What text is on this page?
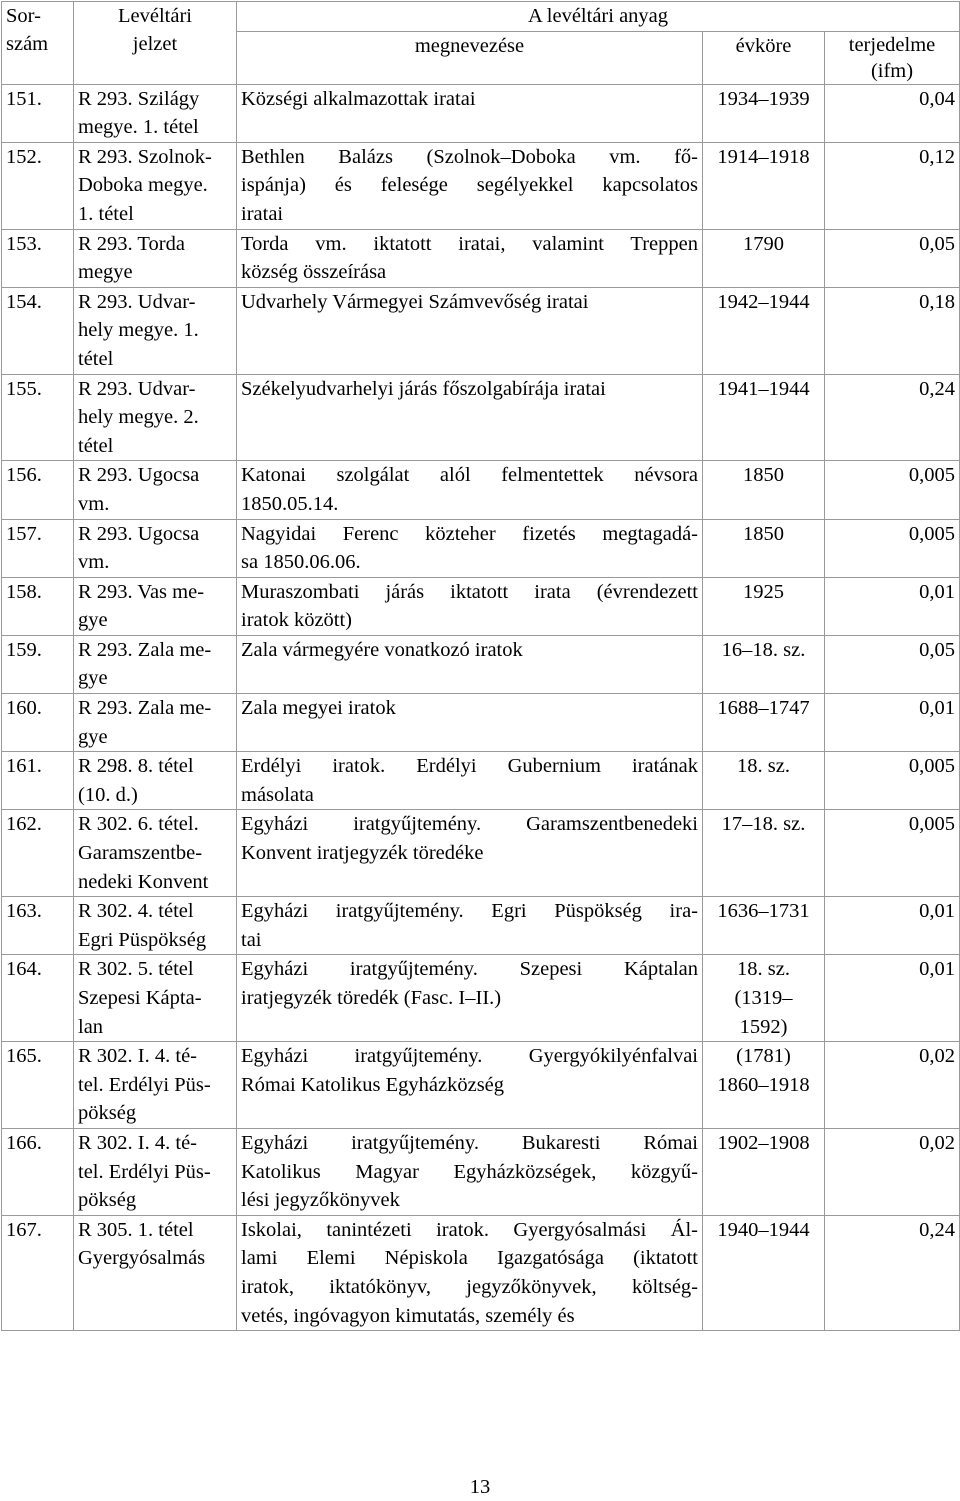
Sor-
szám	Levéltári
jelzet	A levéltári anyag		
		megnevezése	évköre	terjedelme
(ifm)

151.	R 293. Szilágy
megye. 1. tétel	Községi alkalmazottak iratai	1934–1939	0,04
152.	R 293. Szolnok-
Doboka megye.
1. tétel	Bethlen Balázs (Szolnok–Doboka vm. fő-
ispánja) és felesége segélyekkel kapcsolatos
iratai	1914–1918	0,12
153.	R 293. Torda
megye	Torda vm. iktatott iratai, valamint Treppen
község összeírása	1790	0,05
154.	R 293. Udvar-
hely megye. 1.
tétel	Udvarhely Vármegyei Számvevőség iratai	1942–1944	0,18
155.	R 293. Udvar-
hely megye. 2.
tétel	Székelyudvarhelyi járás főszolgabírája iratai	1941–1944	0,24
156.	R 293. Ugocsa
vm.	Katonai szolgálat alól felmentettek névsora
1850.05.14.	1850	0,005
157.	R 293. Ugocsa
vm.	Nagyidai Ferenc közteher fizetés megtagadá-
sa 1850.06.06.	1850	0,005
158.	R 293. Vas me-
gye	Muraszombati járás iktatott irata (évrendezett
iratok között)	1925	0,01
159.	R 293. Zala me-
gye	Zala vármegyére vonatkozó iratok	16–18. sz.	0,05
160.	R 293. Zala me-
gye	Zala megyei iratok	1688–1747	0,01
161.	R 298. 8. tétel
(10. d.)	Erdélyi iratok. Erdélyi Gubernium iratának
másolata	18. sz.	0,005
162.	R 302. 6. tétel.
Garamszentbe-
nedeki Konvent	Egyházi iratgyűjtemény. Garamszentbenedeki
Konvent iratjegyzék töredéke	17–18. sz.	0,005
163.	R 302. 4. tétel
Egri Püspökség	Egyházi iratgyűjtemény. Egri Püspökség ira-
tai	1636–1731	0,01
164.	R 302. 5. tétel
Szepesi Kápta-
lan	Egyházi iratgyűjtemény. Szepesi Káptalan
iratjegyzék töredék (Fasc. I–II.)	18. sz.
(1319–
1592)	0,01
165.	R 302. I. 4. té-
tel. Erdélyi Püs-
pökség	Egyházi iratgyűjtemény. Gyergyókilyénfalvai
Római Katolikus Egyházközség	(1781)
1860–1918	0,02
166.	R 302. I. 4. té-
tel. Erdélyi Püs-
pökség	Egyházi iratgyűjtemény. Bukaresti Római
Katolikus Magyar Egyházközségek, közgyű-
lési jegyzőkönyvek	1902–1908	0,02
167.	R 305. 1. tétel
Gyergyósalmás	Iskolai, tanintézeti iratok. Gyergyósalmási Ál-
lami Elemi Népiskola Igazgatósága (iktatott
iratok, iktatókönyv, jegyzőkönyvek, költség-
vetés, ingóvagyon kimutatás, személy és	1940–1944	0,24
13
